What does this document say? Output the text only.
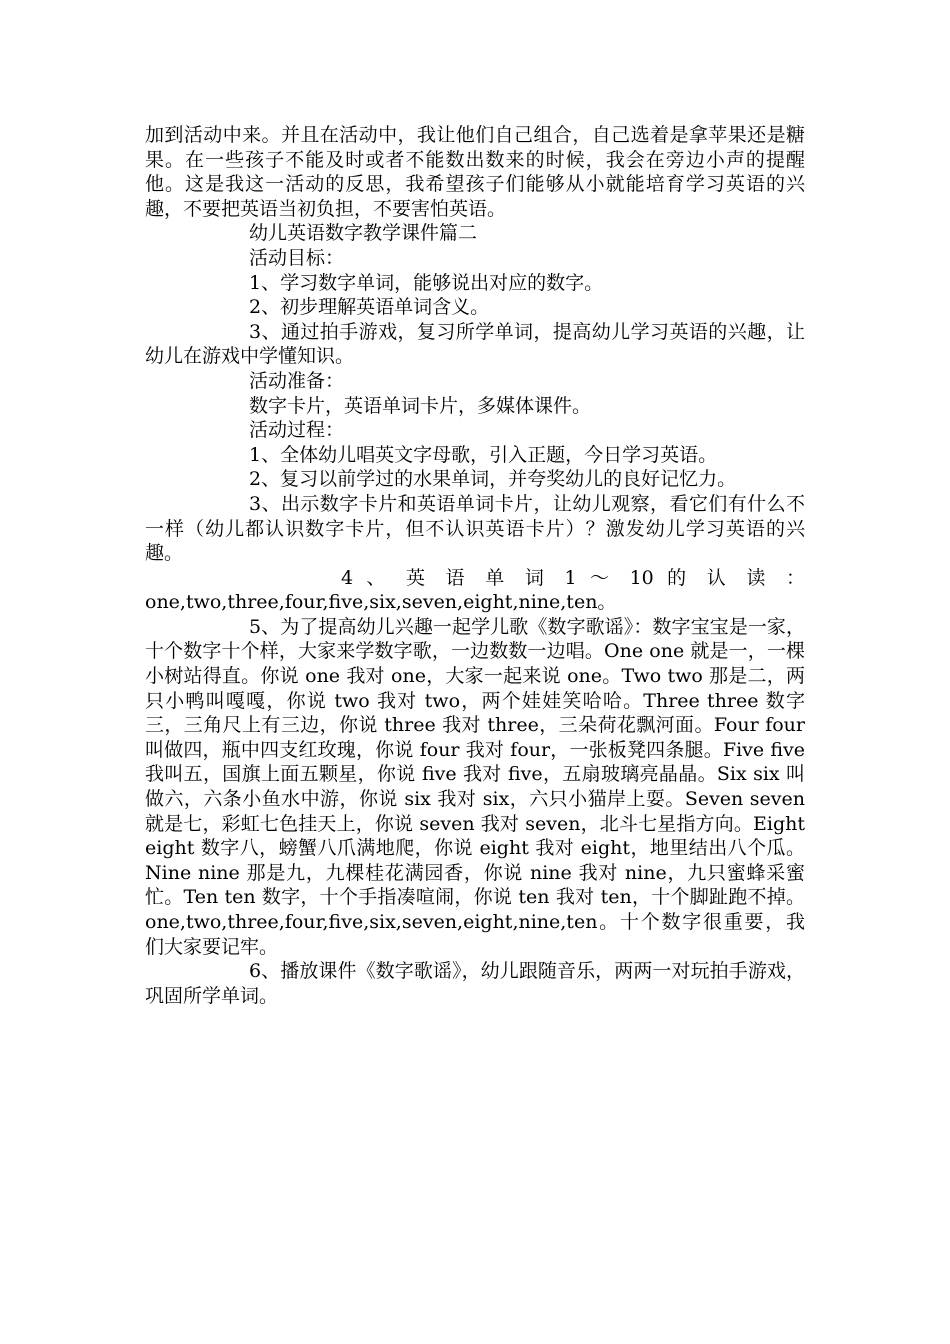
加到活动中来。并且在活动中，我让他们自己组合，自己选着是拿苹果还是糖果。在一些孩子不能及时或者不能数出数来的时候，我会在旁边小声的提醒他。这是我这一活动的反思，我希望孩子们能够从小就能培育学习英语的兴趣，不要把英语当初负担，不要害怕英语。

幼儿英语数字教学课件篇二

活动目标：

1、学习数字单词，能够说出对应的数字。

2、初步理解英语单词含义。

3、通过拍手游戏，复习所学单词，提高幼儿学习英语的兴趣，让幼儿在游戏中学懂知识。

活动准备：

数字卡片，英语单词卡片，多媒体课件。

活动过程：

1、全体幼儿唱英文字母歌，引入正题，今日学习英语。

2、复习以前学过的水果单词，并夸奖幼儿的良好记忆力。

3、出示数字卡片和英语单词卡片，让幼儿观察，看它们有什么不一样（幼儿都认识数字卡片，但不认识英语卡片）？激发幼儿学习英语的兴趣。

4 、 英 语 单 词 1 ～ 10 的 认 读 ：

one,two,three,four,five,six,seven,eight,nine,ten。

5、为了提高幼儿兴趣一起学儿歌《数字歌谣》：数字宝宝是一家，十个数字十个样，大家来学数字歌，一边数数一边唱。One one 就是一，一棵小树站得直。你说 one 我对 one，大家一起来说 one。Two two 那是二，两只小鸭叫嘎嘎，你说 two 我对 two，两个娃娃笑哈哈。Three three 数字三，三角尺上有三边，你说 three 我对 three，三朵荷花飘河面。Four four 叫做四，瓶中四支红玫瑰，你说 four 我对 four，一张板凳四条腿。Five five 我叫五，国旗上面五颗星，你说 five 我对 five，五扇玻璃亮晶晶。Six six 叫做六，六条小鱼水中游，你说 six 我对 six，六只小猫岸上耍。Seven seven 就是七，彩虹七色挂天上，你说 seven 我对 seven，北斗七星指方向。Eight eight 数字八，螃蟹八爪满地爬，你说 eight 我对 eight，地里结出八个瓜。Nine nine 那是九，九棵桂花满园香，你说 nine 我对 nine，九只蜜蜂采蜜忙。Ten ten 数字，十个手指凑喧闹，你说 ten 我对 ten，十个脚趾跑不掉。one,two,three,four,five,six,seven,eight,nine,ten。十个数字很重要，我们大家要记牢。

6、播放课件《数字歌谣》，幼儿跟随音乐，两两一对玩拍手游戏，巩固所学单词。
